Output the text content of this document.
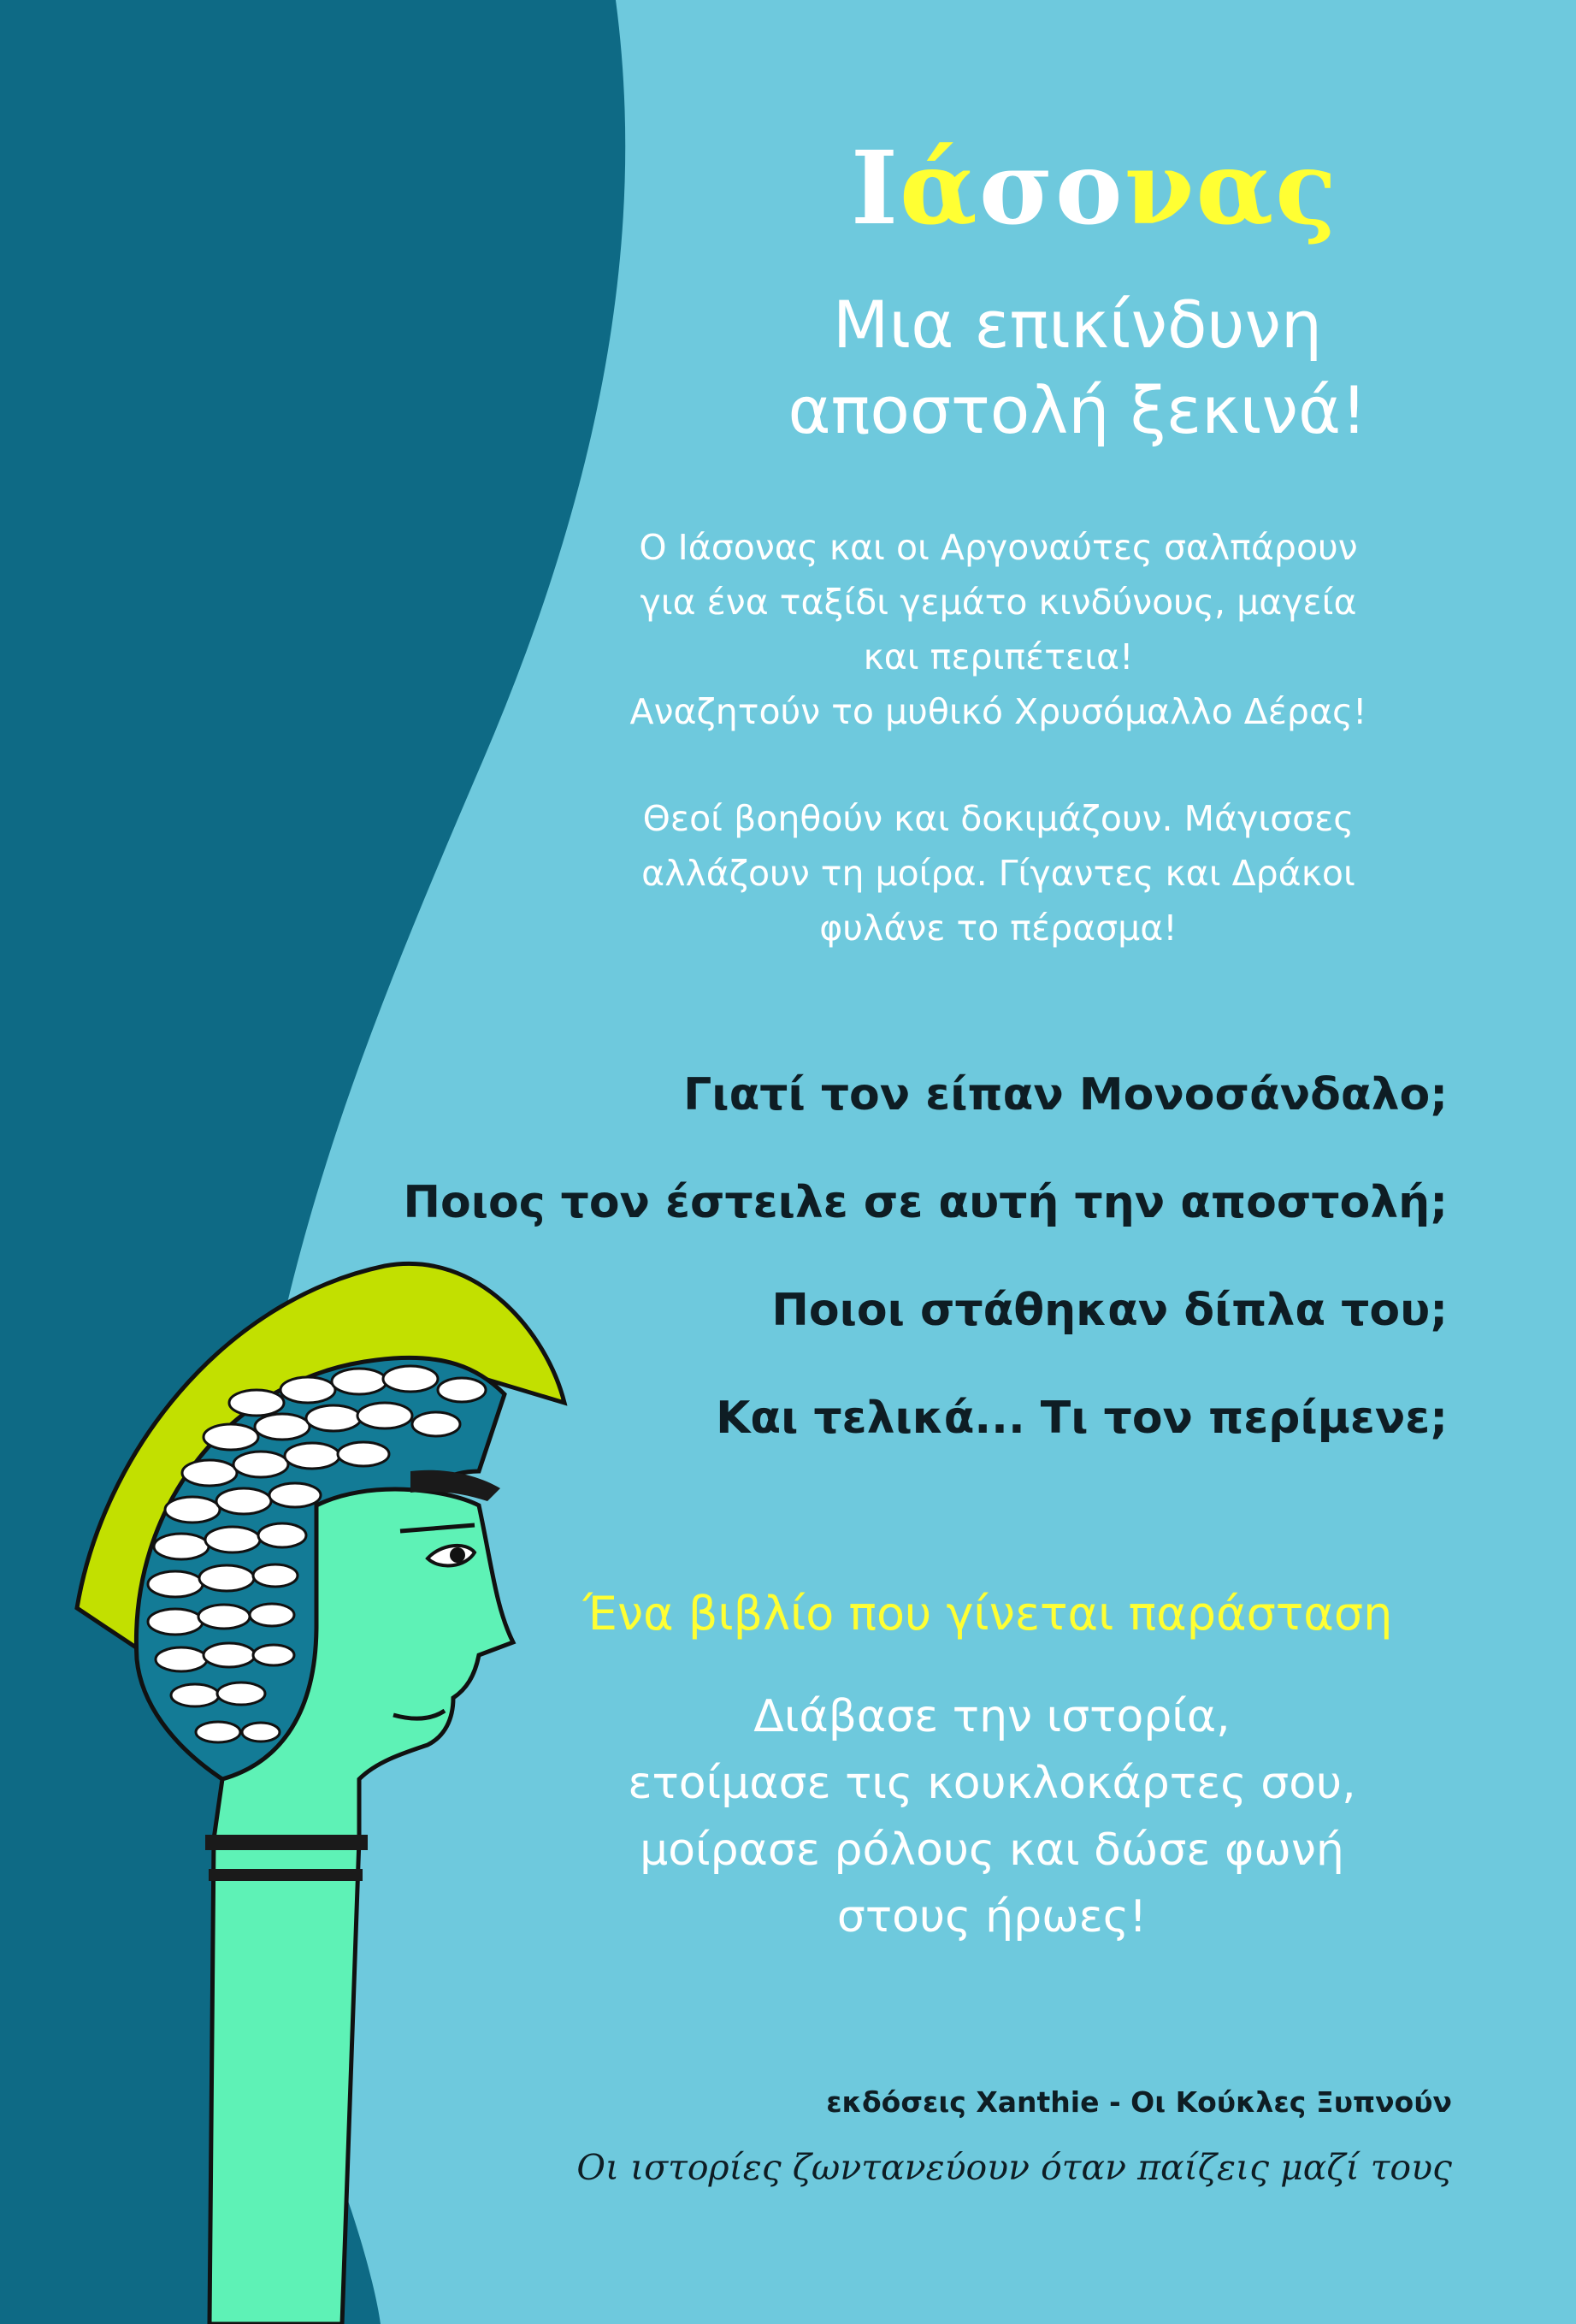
Ιάσονας
Μια επικίνδυνη
αποστολή ξεκινά!
Ο Ιάσονας και οι Αργοναύτες σαλπάρουν
για ένα ταξίδι γεμάτο κινδύνους, μαγεία
και περιπέτεια!
Αναζητούν το μυθικό Χρυσόμαλλο Δέρας!
Θεοί βοηθούν και δοκιμάζουν. Μάγισσες
αλλάζουν τη μοίρα. Γίγαντες και Δράκοι
φυλάνε το πέρασμα!
Γιατί τον είπαν Μονοσάνδαλο;
Ποιος τον έστειλε σε αυτή την αποστολή;
Ποιοι στάθηκαν δίπλα του;
Και τελικά... Τι τον περίμενε;
Ένα βιβλίο που γίνεται παράσταση
Διάβασε την ιστορία,
ετοίμασε τις κουκλοκάρτες σου,
μοίρασε ρόλους και δώσε φωνή
στους ήρωες!
εκδόσεις Xanthie - Οι Κούκλες Ξυπνούν
Οι ιστορίες ζωντανεύουν όταν παίζεις μαζί τους
